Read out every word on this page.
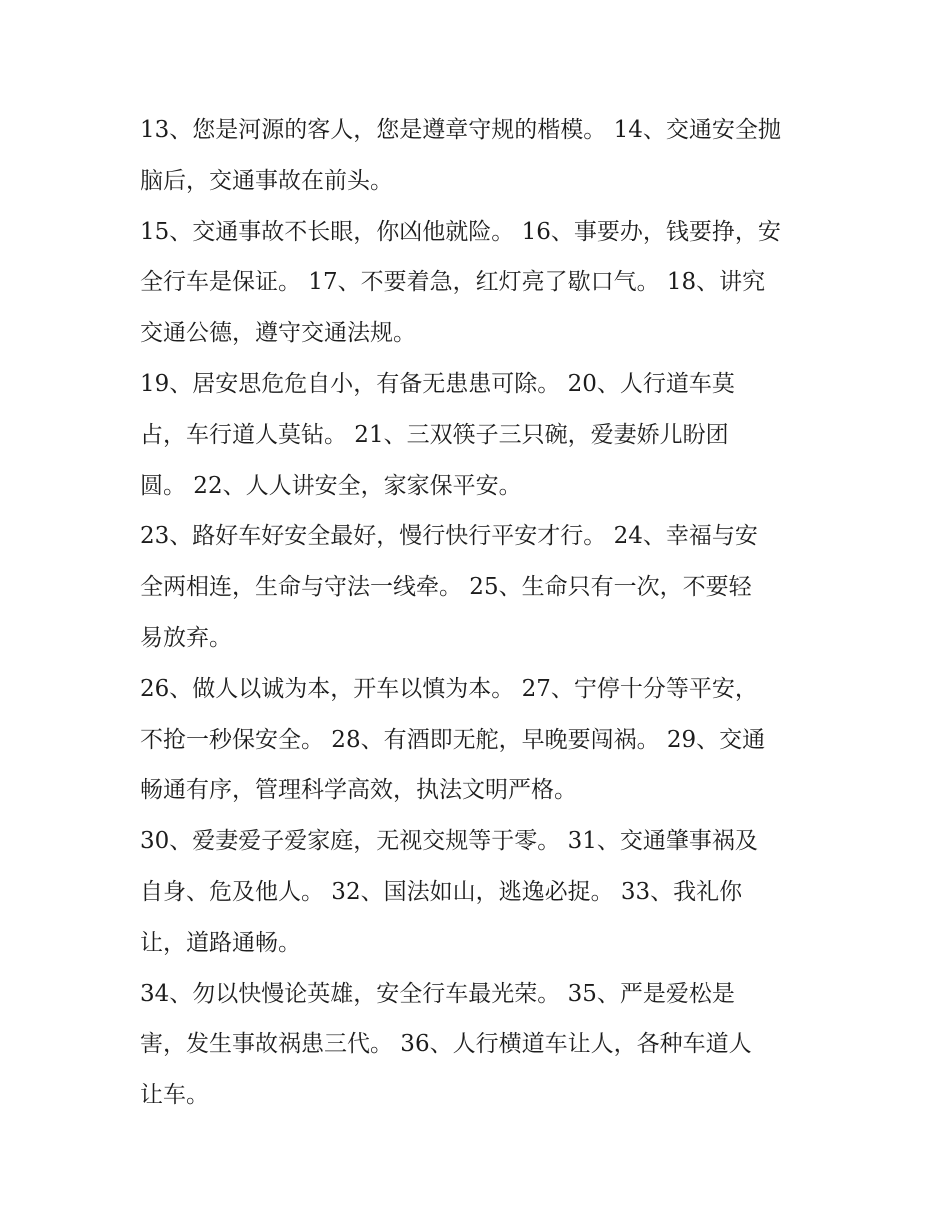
13、您是河源的客人，您是遵章守规的楷模。 14、交通安全抛
脑后，交通事故在前头。
15、交通事故不长眼，你凶他就险。 16、事要办，钱要挣，安
全行车是保证。 17、不要着急，红灯亮了歇口气。 18、讲究
交通公德，遵守交通法规。
19、居安思危危自小，有备无患患可除。 20、人行道车莫
占，车行道人莫钻。 21、三双筷子三只碗，爱妻娇儿盼团
圆。 22、人人讲安全，家家保平安。
23、路好车好安全最好，慢行快行平安才行。 24、幸福与安
全两相连，生命与守法一线牵。 25、生命只有一次，不要轻
易放弃。
26、做人以诚为本，开车以慎为本。 27、宁停十分等平安，
不抢一秒保安全。 28、有酒即无舵，早晚要闯祸。 29、交通
畅通有序，管理科学高效，执法文明严格。
30、爱妻爱子爱家庭，无视交规等于零。 31、交通肇事祸及
自身、危及他人。 32、国法如山，逃逸必捉。 33、我礼你
让，道路通畅。
34、勿以快慢论英雄，安全行车最光荣。 35、严是爱松是
害，发生事故祸患三代。 36、人行横道车让人，各种车道人
让车。
